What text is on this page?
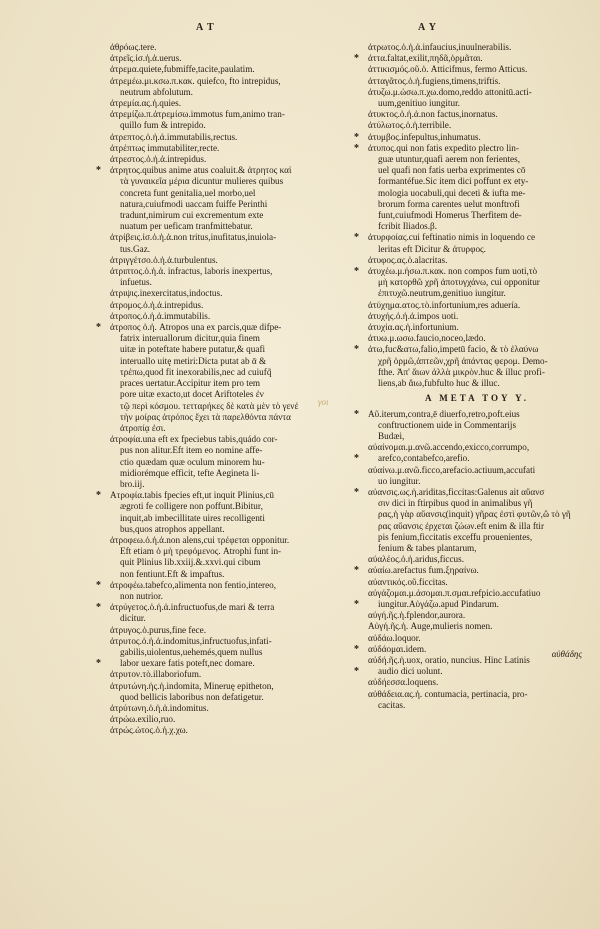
A T	A Y
ἀθρόως.tere.
ἀτρεῖς.ἰσ.ἡ.ἀ.uerus.
ἀτρεμα.quiete,fubmiffe,tacite,paulatim.
ἀτρεμέω.μι.κσω.π.κακ. quiefco, fto intrepidus,
neutrum abfolutum.
ἀτρεμία.ας.ἡ.quies.
ἀτρεμίζω.π.ἀτρεμίσω.immotus fum,animo tran-
quillo fum & intrepido.
ἀτρεπτος.ὁ.ἡ.ἀ.immutabilis,rectus.
ἀτρέπτως immutabiliter,recte.
ἀτρεστος.ὁ.ἡ.ἀ.intrepidus.
* ἀτρητος.quibus anime atus coaluit.& ἀτρητος καὶ
τὰ γυναικεῖα μέρια dicuntur mulieres quibus
concreta funt genitalia,uel morbo,uel
natura,cuiufmodi uaccam fuiffe Perinthi
tradunt,nimirum cui excrementum exte
nuatum per ueficam tranfmittebatur.
ἀτρίβεις.ἰσ.ὁ.ἡ.ἀ.non tritus,inufitatus,inuiola-
tus.Gaz.
ἀτριγγέτσο.ὁ.ἡ.ἀ.turbulentus.
ἀτριπτος.ὁ.ἡ.ἀ. infractus, laboris inexpertus,
infuetus.
ἀτριψις.inexercitatus,indoctus.
ἀτρομος.ὁ.ἡ.ἀ.intrepidus.
ἀτροπος.ὁ.ἡ.ἀ.immutabilis.
* ἀτροπος ὁ.ἡ. Atropos una ex parcis,quæ difpe-
fatrix interuallorum dicitur,quia finem
uitæ in poteftate habere putatur,& quafi
interuallo uitę metiri:Dicta putat ab ᾱ &
τρέπω,quod fit inexorabilis,nec ad cuiufq̃
praces uertatur.Accipitur item pro tem
pore uitæ exacto,ut docet Ariftoteles ἐν
τῷ περὶ κόσμου. τετταρήκες δὲ κατὰ μὲν τὸ γενέ
τὴν μοίρας ἀτρόπος ἔχει τὰ παρελθόντα πάντα
ἀτροπίᾳ ἐσι.
ἀτροφία.una eft ex fpeciebus tabis,quádo cor-
pus non alitur.Eft item eo nomine affe-
ctio quædam quæ oculum minorem hu-
midiorémque efficit, tefte Aegineta li-
bro.iij.
* Ατροφία.tabis fpecies eft,ut inquit Plinius,cū
ægroti fe colligere non poffunt.Bibitur,
inquit,ab imbecillitate uires recolligenti
bus,quos atrophos appellant.
ἀτροφεω.ὁ.ἡ.ἀ.non alens,cui τρέφεται opponitur.
Eft etiam ὁ μὴ τρεφόμενος. Atrophi funt in-
quit Plinius lib.xxiij.&.xxvi.qui cibum
non fentiunt.Eft & impaftus.
* ἀτροφέω.tabefco,alimenta non fentio,intereo,
non nutrior.
* ἀτρύγετος.ὁ.ἡ.ἀ.infructuofus,de mari & terra
dicitur.
ἀτρυγος.ὁ.purus,fine fece.
ἀτρυτος.ὁ.ἡ.ἀ.indomitus,infructuofus,infati-
gabilis,uiolentus,uehemés,quem nullus
* labor uexare fatis poteft,nec domare.
ἀτρυτον.τὸ.illaboriofum.
ἀτρυτώνη.ἡς.ἡ.indomita, Mineruę epitheton,
quod bellicis laboribus non defatigetur.
ἀτρύτωνη.ὁ.ἡ.ἀ.indomitus.
ἀτρώω.exilio,ruo.
ἀτρώς.ὠτος.ὁ.ἡ.χ.χω.
ἀτρωτος.ὁ.ἡ.ἀ.infaucius,inuulnerabilis.
* ἀττα.faltat,exilit,πηδᾶ,ὁρμᾶται.
ἀττικισμός.οῦ.ὁ. Atticifmus, fermo Atticus.
ἀτταγᾶτος.ὁ.ἡ.fugiens,timens,triftis.
ἀτυζω.μ.ὠσω.π.χω.domo,reddo attonitū.acti-
uum,genitiuo iungitur.
ἀτυκτος.ὁ.ἡ.ἀ.non factus,inornatus.
ἀτύλωτος.ὁ.ἡ.terribile.
* ἀτυμβος.infepultus,inhumatus.
* ἀτυπος.qui non fatis expedito plectro lin-
guæ utuntur,quafi aerem non ferientes,
uel quafi non fatis uerba exprimentes cō
formantéfue.Sic item dici poffunt ex ety-
mologia uocabuli,qui deceti & iufta me-
brorum forma carentes uelut monftrofi
funt,cuiufmodi Homerus Therfitem de-
fcribit Iliados.β.
* ἀτυρφοίας.cui feftinatio nimis in loquendo ce
leritas eft Dicitur & ἀτυρφος.
ἀτυφος.ας.ὁ.alacritas.
* ἀτυχέω.μ.ήσω.π.κακ. non compos fum uoti,τὸ
μὴ κατορθῶ χρῆ ἀποτυγχάνω, cui opponitur
ἐπιτυχῶ.neutrum,genitiuo iungitur.
ἀτύχημα.ατος.τὸ.infortunium,res aduería.
ἀτυχής.ὁ.ἡ.ἀ.impos uoti.
ἀτυχία.ας.ἡ.infortunium.
ἀτυω.μ.ωσω.faucio,noceo,lædo.
* ἀτω,fuc&ατω,falio,impetū facio, & τὸ ἐλαύνω
χρῆ ὁρμῶ,ἀπτεῶν,χρῆ ἀπάντας φερομ. Demo-
fthe. Ἀπ' ἄιων ἀλλὰ μικρὸν.huc & illuc profi-
liens,ab ἄιω,fubfulto huc & illuc.
A META TOY Y.
* Aῦ.iterum,contra,ē diuerfo,retro,poft.eius
conftructionem uide in Commentarijs
Budæi,
αὐαίνομαι.μ.ανῶ.accendo,exicco,corrumpo,
* arefco,contabefco,arefio.
αὐαίνω.μ.ανῶ.ficco,arefacio.actiuum,accufati
uo iungitur.
* αὐανσις.ως.ἡ.ariditas,ficcitas:Galenus ait αὔανσ
σιν dici in ftirpibus quod in animalibus γῆ
ρας,ἡ γὰρ αὔανσις(inquit) γῆρας ἐστὶ φυτῶν,ὥ τὸ γῆ
ρας αὔανσις ἐρχεται ζώων.eft enim & illa ftir
pis fenium,ficcitatis exceffu prouenientes,
fenium & tabes plantarum,
αὐαλέος.ὁ.ἡ.aridus,ficcus.
* αὐαίω.arefactus fum.ξηραίνω.
αὐαντικός.οῦ.ficcitas.
αὐγάζομαι.μ.άσομαι.π.σμαι.refpicio.accufatiuo
* iungitur.Αὐγάζω.apud Pindarum.
αὐγή.ῆς.ἡ.fplendor,aurora.
Αὐγή.ῆς.ἡ. Auge,mulieris nomen.
αὐδάω.loquor.
* αὐδάομαι.idem.
αὐδή.ῆς.ἡ.uox, oratio, nuncius. Hinc Latinis
* audio dici uolunt.
αὐδήεσσα.loquens.
αὐθάδεια.ας.ἡ. contumacia, pertinacia, pro-
cacitas.
γοι
αὐθάδης
